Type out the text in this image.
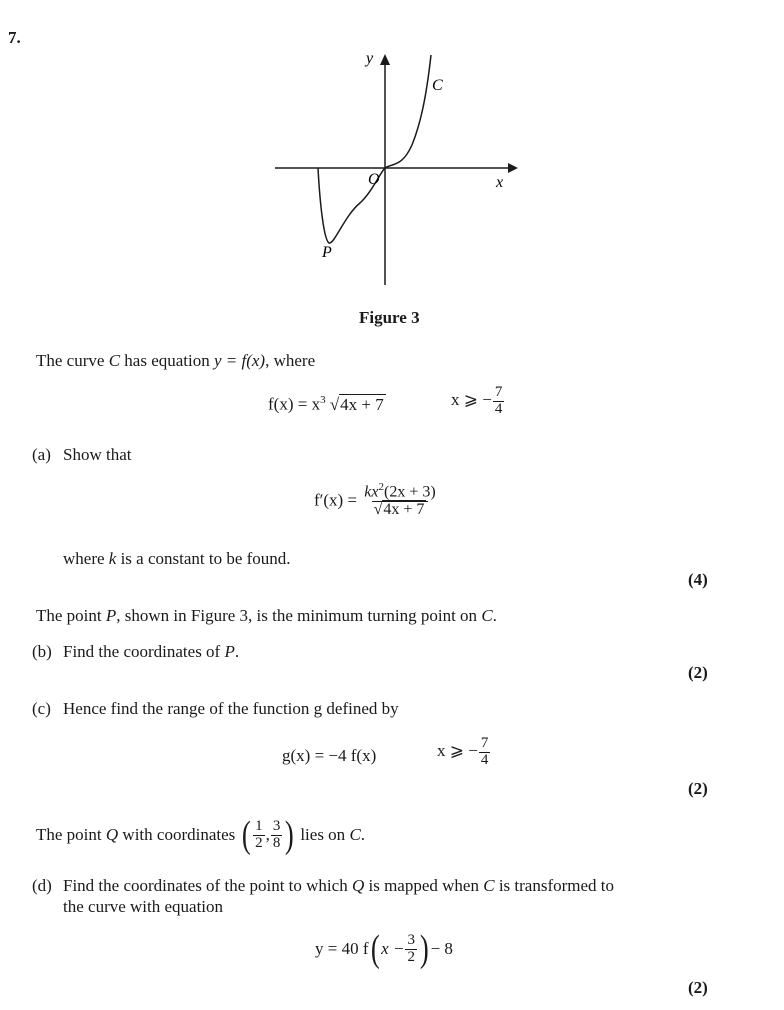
7.
y
x
O
C
P
Figure 3
The curve C has equation y = f(x), where
$f(x) = x^3$ √4x + 7	x ⩾ − $\frac{7}{4}$
(a) Show that
$f'(x) = \frac{kx^2(2x + 3)}{√4x + 7}$
where k is a constant to be found.
(4)
The point P, shown in Figure 3, is the minimum turning point on C.
(b) Find the coordinates of P.
(2)
(c) Hence find the range of the function g defined by
g(x) = −4 f(x)	x ⩾ − $\frac{7}{4}$
(2)
The point Q with coordinates ( $\frac{1}{2}$ , $\frac{3}{8}$ ) lies on C.
(d) Find the coordinates of the point to which Q is mapped when C is transformed to
the curve with equation
y = 40 f( $x - \frac{3}{2}$ ) − 8
(2)
